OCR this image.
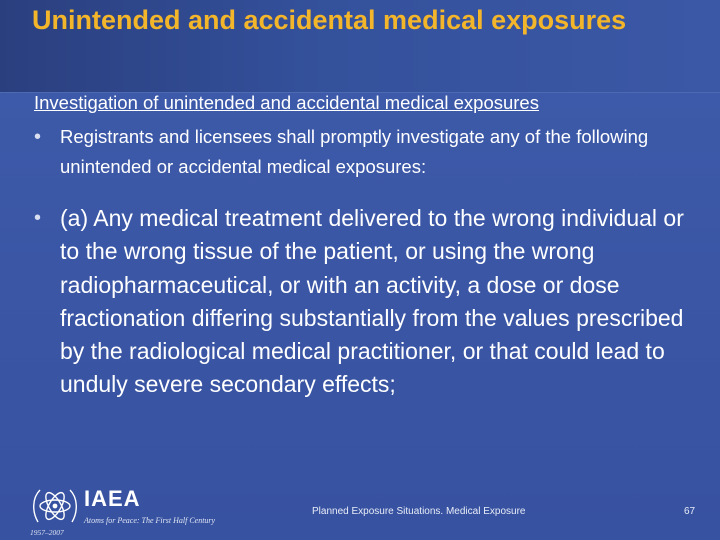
Unintended and accidental medical exposures
Investigation of unintended and accidental medical exposures
• Registrants and licensees shall promptly investigate any of the following unintended or accidental medical exposures:
• (a) Any medical treatment delivered to the wrong individual or to the wrong tissue of the patient, or using the wrong radiopharmaceutical, or with an activity, a dose or dose fractionation differing substantially from the values prescribed by the radiological medical practitioner, or that could lead to unduly severe secondary effects;
IAEA
Atoms for Peace: The First Half Century
1957–2007
Planned Exposure Situations. Medical Exposure	67
